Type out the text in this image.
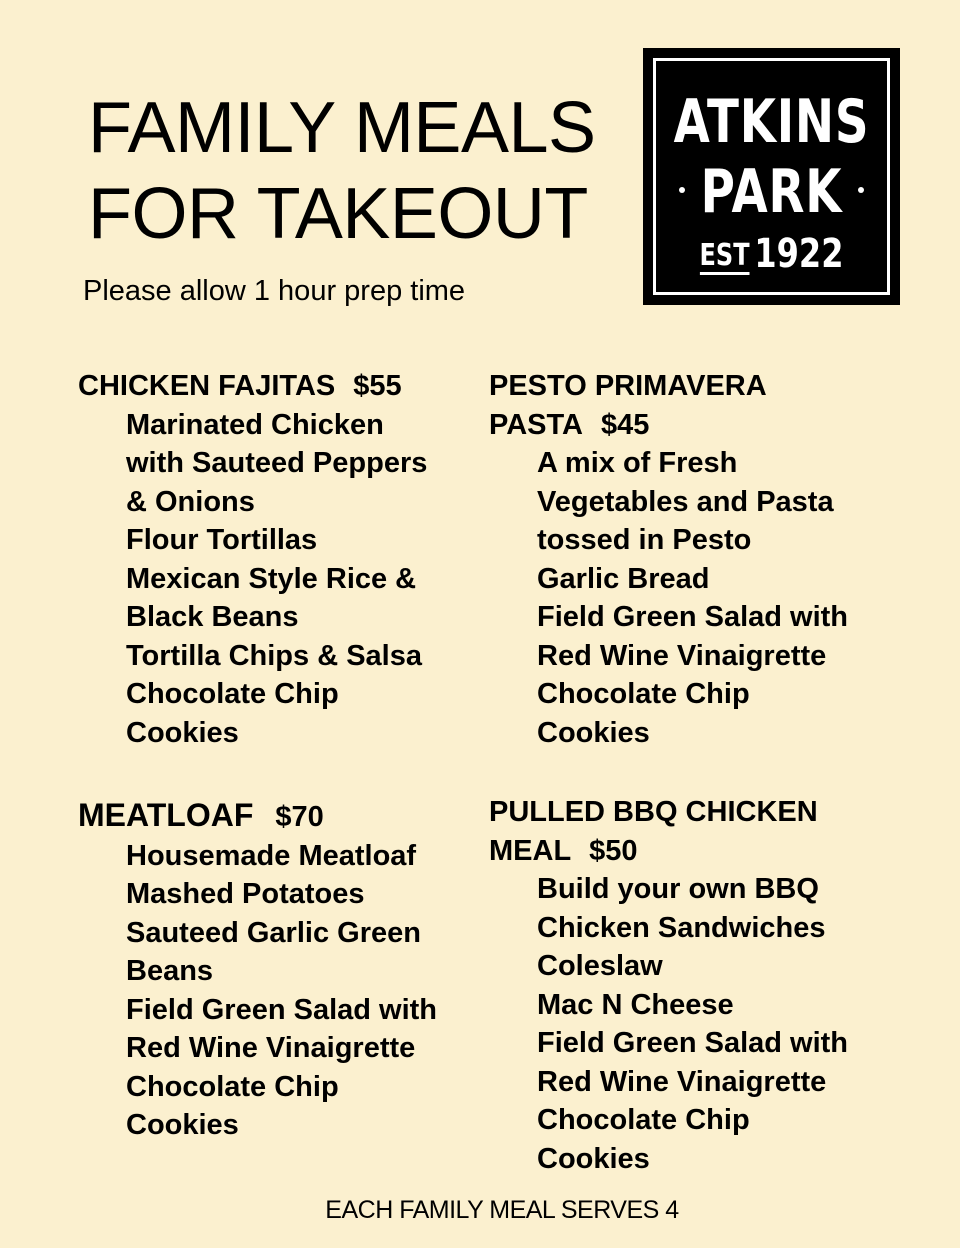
FAMILY MEALS
FOR TAKEOUT
Please allow 1 hour prep time
ATKINS
PARK
EST 1922
CHICKEN FAJITAS $55
Marinated Chicken
with Sauteed Peppers
& Onions
Flour Tortillas
Mexican Style Rice &
Black Beans
Tortilla Chips & Salsa
Chocolate Chip
Cookies
PESTO PRIMAVERA
PASTA $45
A mix of Fresh
Vegetables and Pasta
tossed in Pesto
Garlic Bread
Field Green Salad with
Red Wine Vinaigrette
Chocolate Chip
Cookies
MEATLOAF $70
Housemade Meatloaf
Mashed Potatoes
Sauteed Garlic Green
Beans
Field Green Salad with
Red Wine Vinaigrette
Chocolate Chip
Cookies
PULLED BBQ CHICKEN
MEAL $50
Build your own BBQ
Chicken Sandwiches
Coleslaw
Mac N Cheese
Field Green Salad with
Red Wine Vinaigrette
Chocolate Chip
Cookies
EACH FAMILY MEAL SERVES 4
